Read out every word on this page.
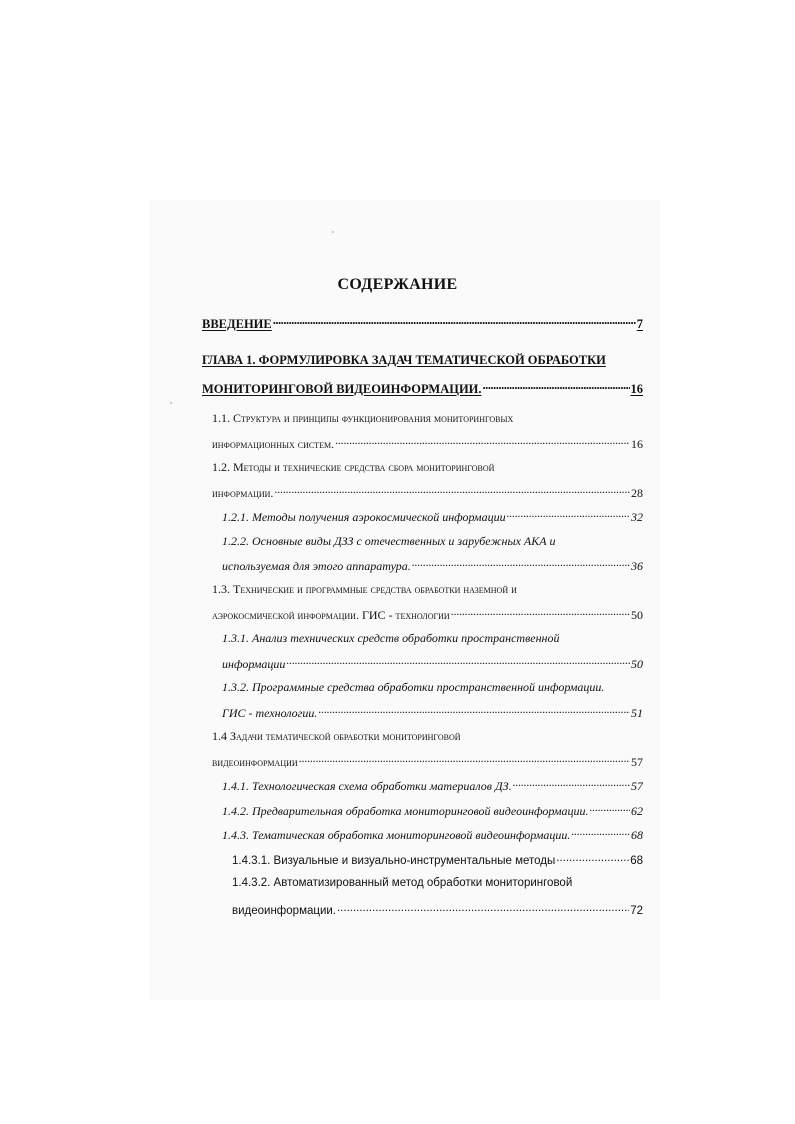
СОДЕРЖАНИЕ
ВВЕДЕНИЕ . . .	7
ГЛАВА 1. ФОРМУЛИРОВКА ЗАДАЧ ТЕМАТИЧЕСКОЙ ОБРАБОТКИ
МОНИТОРИНГОВОЙ ВИДЕОИНФОРМАЦИИ. . . .	16
1.1. Структура и принципы функционирования мониторинговых
информационных систем. . . .	16
1.2. Методы и технические средства сбора мониторинговой
информации. . . .	28
1.2.1. Методы получения аэрокосмической информации . . .	32
1.2.2. Основные виды ДЗЗ с отечественных и зарубежных АКА и
используемая для этого аппаратура. . . .	36
1.3. Технические и программные средства обработки наземной и
аэрокосмической информации. ГИС - технологии . . .	50
1.3.1. Анализ технических средств обработки пространственной
информации . . .	50
1.3.2. Программные средства обработки пространственной информации.
ГИС - технологии. . . .	51
1.4 Задачи тематической обработки мониторинговой
видеоинформации . . .	57
1.4.1. Технологическая схема обработки материалов ДЗ. . . .	57
1.4.2. Предварительная обработка мониторинговой видеоинформации. . . .	62
1.4.3. Тематическая обработка мониторинговой видеоинформации. . . .	68
1.4.3.1. Визуальные и визуально-инструментальные методы . . .	68
1.4.3.2. Автоматизированный метод обработки мониторинговой
видеоинформации. . . .	72
